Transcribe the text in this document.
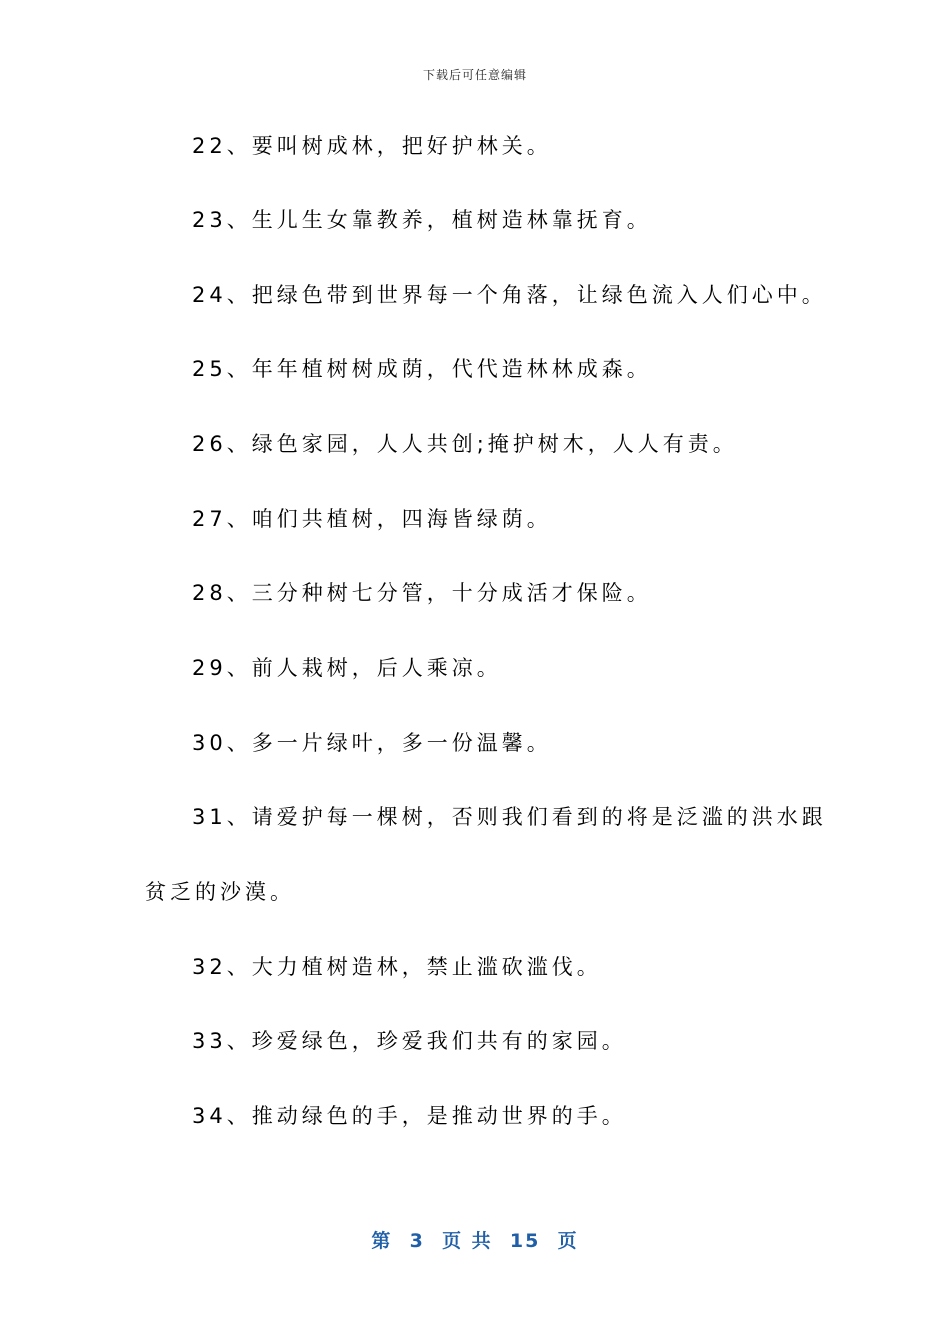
下载后可任意编辑
22、要叫树成林，把好护林关。
23、生儿生女靠教养，植树造林靠抚育。
24、把绿色带到世界每一个角落，让绿色流入人们心中。
25、年年植树树成荫，代代造林林成森。
26、绿色家园，人人共创;掩护树木，人人有责。
27、咱们共植树，四海皆绿荫。
28、三分种树七分管，十分成活才保险。
29、前人栽树，后人乘凉。
30、多一片绿叶，多一份温馨。
31、请爱护每一棵树，否则我们看到的将是泛滥的洪水跟
贫乏的沙漠。
32、大力植树造林，禁止滥砍滥伐。
33、珍爱绿色，珍爱我们共有的家园。
34、推动绿色的手，是推动世界的手。
第  3  页 共  15  页
